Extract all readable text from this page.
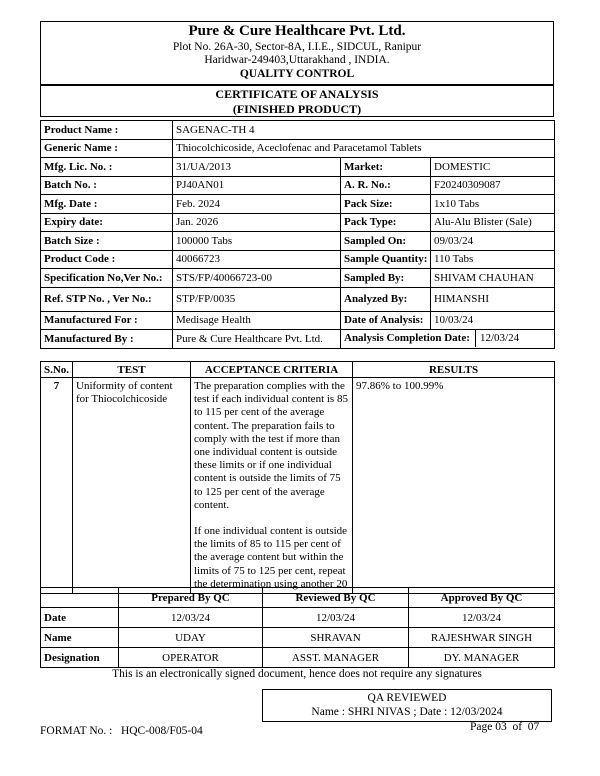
Pure & Cure Healthcare Pvt. Ltd.
Plot No. 26A-30, Sector-8A, I.I.E., SIDCUL, Ranipur
Haridwar-249403,Uttarakhand , INDIA.
QUALITY CONTROL
CERTIFICATE OF ANALYSIS
(FINISHED PRODUCT)
Product Name :	SAGENAC-TH 4		
Generic Name :	Thiocolchicoside, Aceclofenac and Paracetamol Tablets		
Mfg. Lic. No. :	31/UA/2013	Market:	DOMESTIC
Batch No. :	PJ40AN01	A. R. No.:	F20240309087
Mfg. Date :	Feb. 2024	Pack Size:	1x10 Tabs
Expiry date:	Jan. 2026	Pack Type:	Alu-Alu Blister (Sale)
Batch Size :	100000 Tabs	Sampled On:	09/03/24
Product Code :	40066723	Sample Quantity:	110 Tabs
Specification No,Ver No.:	STS/FP/40066723-00	Sampled By:	SHIVAM CHAUHAN
Ref. STP No. , Ver No.:	STP/FP/0035	Analyzed By:	HIMANSHI
Manufactured For :	Medisage Health	Date of Analysis:	10/03/24
Manufactured By :	Pure & Cure Healthcare Pvt. Ltd.	Analysis Completion Date: 12/03/24	
S.No.	TEST	ACCEPTANCE CRITERIA	RESULTS
7	Uniformity of content for Thiocolchicoside	The preparation complies with the test if each individual content is 85 to 115 per cent of the average content. The preparation fails to comply with the test if more than one individual content is outside these limits or if one individual content is outside the limits of 75 to 125 per cent of the average content.
If one individual content is outside the limits of 85 to 115 per cent of the average content but within the limits of 75 to 125 per cent, repeat the determination using another 20	97.86% to 100.99%
	Prepared By QC	Reviewed By QC	Approved By QC
Date	12/03/24	12/03/24	12/03/24
Name	UDAY	SHRAVAN	RAJESHWAR SINGH
Designation	OPERATOR	ASST. MANAGER	DY. MANAGER
This is an electronically signed document, hence does not require any signatures
QA REVIEWED
Name : SHRI NIVAS ; Date : 12/03/2024
FORMAT No. :   HQC-008/F05-04	Page 03  of  07
